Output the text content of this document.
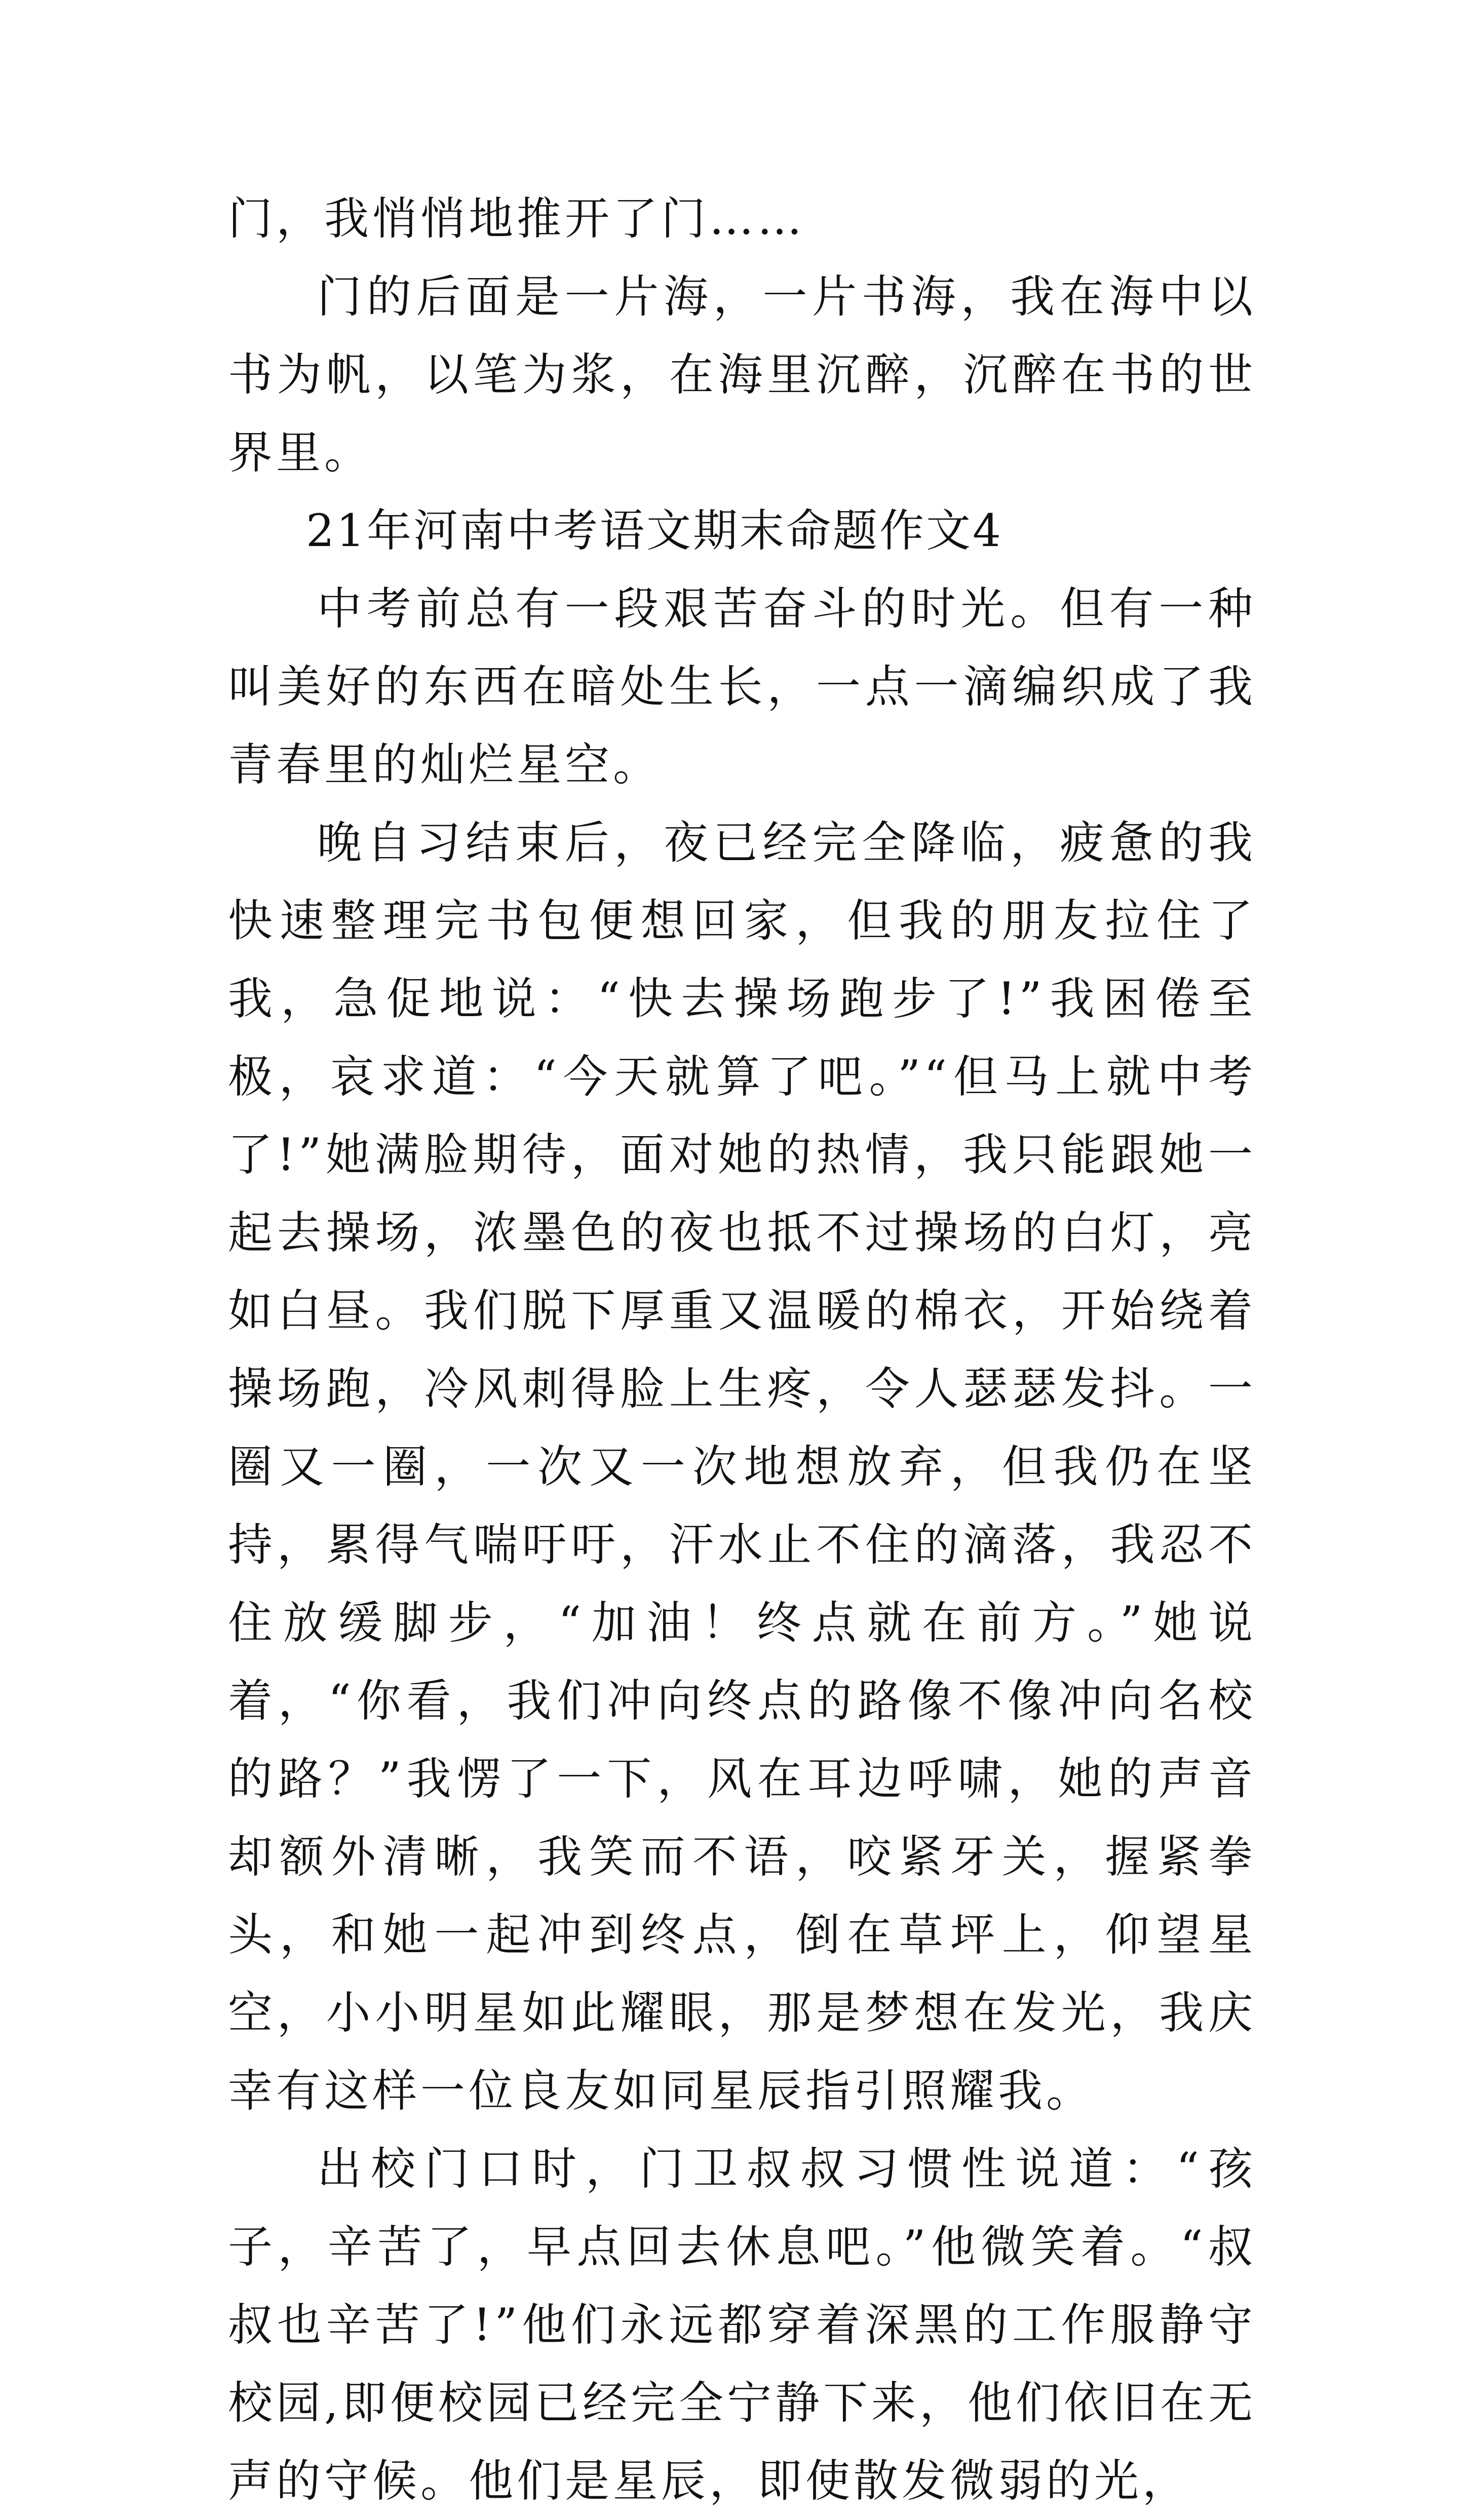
门，我悄悄地推开了门……

门的后面是一片海，一片书海，我在海中以书为帆，以笔为浆，在海里沉醉，沉醉在书的世界里。

21年河南中考语文期末命题作文4

中考前总有一段艰苦奋斗的时光。但有一种叫美好的东西在暗处生长，一点一滴编织成了我青春里的灿烂星空。

晚自习结束后，夜已经完全降临，疲惫的我快速整理完书包便想回家，但我的朋友拉住了我，急促地说：“快去操场跑步了!”我困倦至极，哀求道：“今天就算了吧。”“但马上就中考了!”她满脸期待，面对她的热情，我只能跟她一起去操场，浓墨色的夜也抵不过操场的白灯，亮如白昼。我们脱下厚重又温暖的棉衣，开始绕着操场跑，冷风刺得脸上生疼，令人瑟瑟发抖。一圈又一圈，一次又一次地想放弃，但我仍在坚持，累得气喘吁吁，汗水止不住的滴落，我忍不住放缓脚步，“加油！终点就在前方。”她说着，“你看，我们冲向终点的路像不像冲向名校的路？”我愣了一下，风在耳边呼啸，她的声音却额外清晰，我笑而不语，咬紧牙关，握紧拳头，和她一起冲到终点，倒在草坪上，仰望星空，小小明星如此耀眼，那是梦想在发光，我庆幸有这样一位良友如同星辰指引照耀我。

出校门口时，门卫叔叔习惯性说道：“孩子，辛苦了，早点回去休息吧。”他微笑着。“叔叔也辛苦了!”他们永远都穿着深黑的工作服静守校园,即便校园已经完全宁静下来，他们依旧在无声的守候。他们是星辰，即使散发微弱的光，
